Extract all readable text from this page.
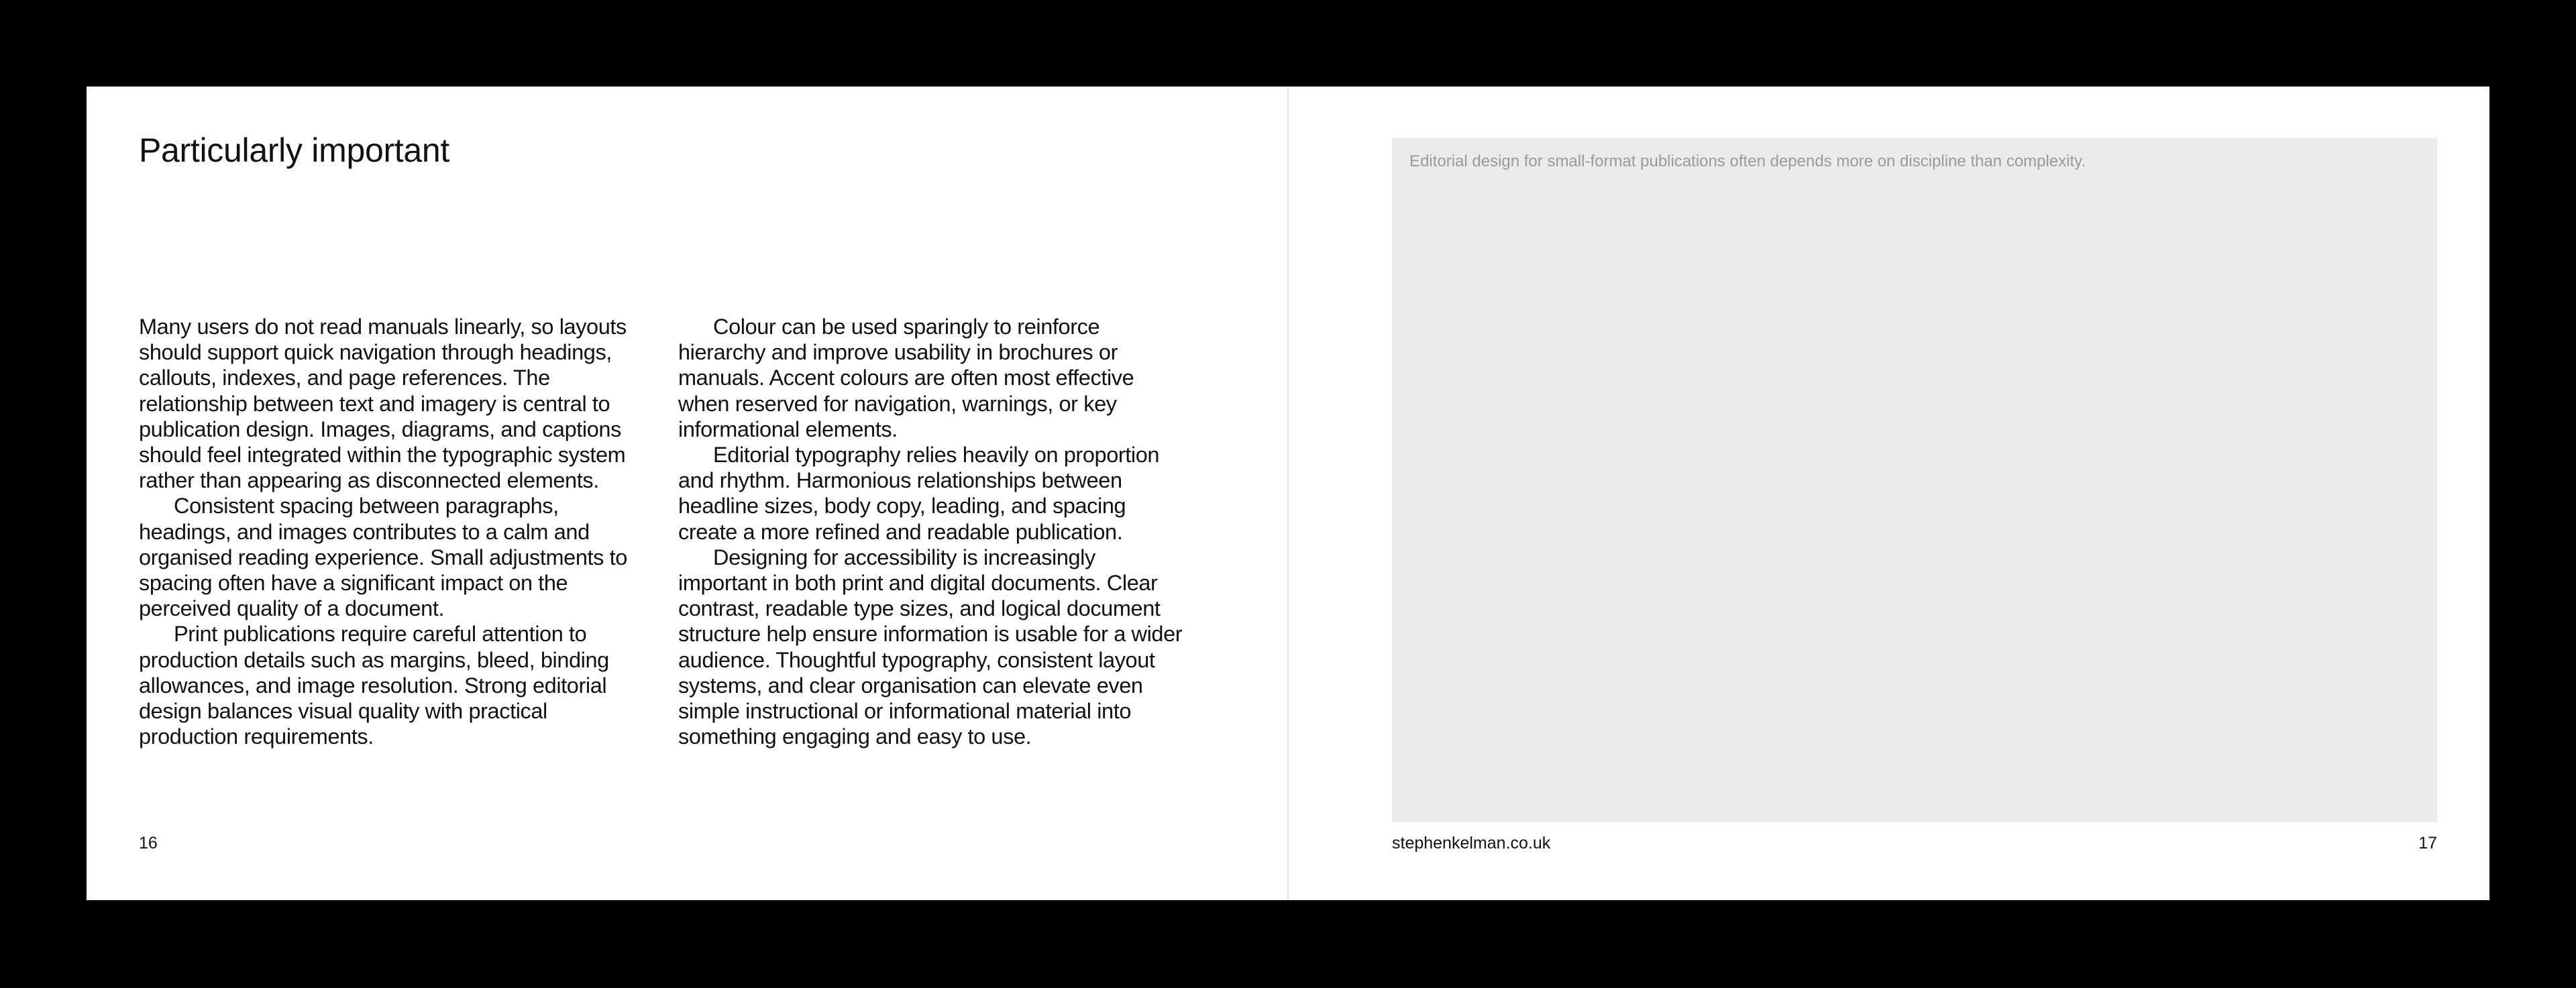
Particularly important

Many users do not read manuals linearly, so layouts should support quick navigation through headings, callouts, indexes, and page references. The relationship between text and imagery is central to publication design. Images, diagrams, and captions should feel integrated within the typographic system rather than appearing as disconnected elements.

Consistent spacing between paragraphs, headings, and images contributes to a calm and organised reading experience. Small adjustments to spacing often have a significant impact on the perceived quality of a document.

Print publications require careful attention to production details such as margins, bleed, binding allowances, and image resolution. Strong editorial design balances visual quality with practical production requirements.

Colour can be used sparingly to reinforce hierarchy and improve usability in brochures or manuals. Accent colours are often most effective when reserved for navigation, warnings, or key informational elements.

Editorial typography relies heavily on proportion and rhythm. Harmonious relationships between headline sizes, body copy, leading, and spacing create a more refined and readable publication.

Designing for accessibility is increasingly important in both print and digital documents. Clear contrast, readable type sizes, and logical document structure help ensure information is usable for a wider audience. Thoughtful typography, consistent layout systems, and clear organisation can elevate even simple instructional or informational material into something engaging and easy to use.

16
Editorial design for small-format publications often depends more on discipline than complexity.
stephenkelman.co.uk	17
